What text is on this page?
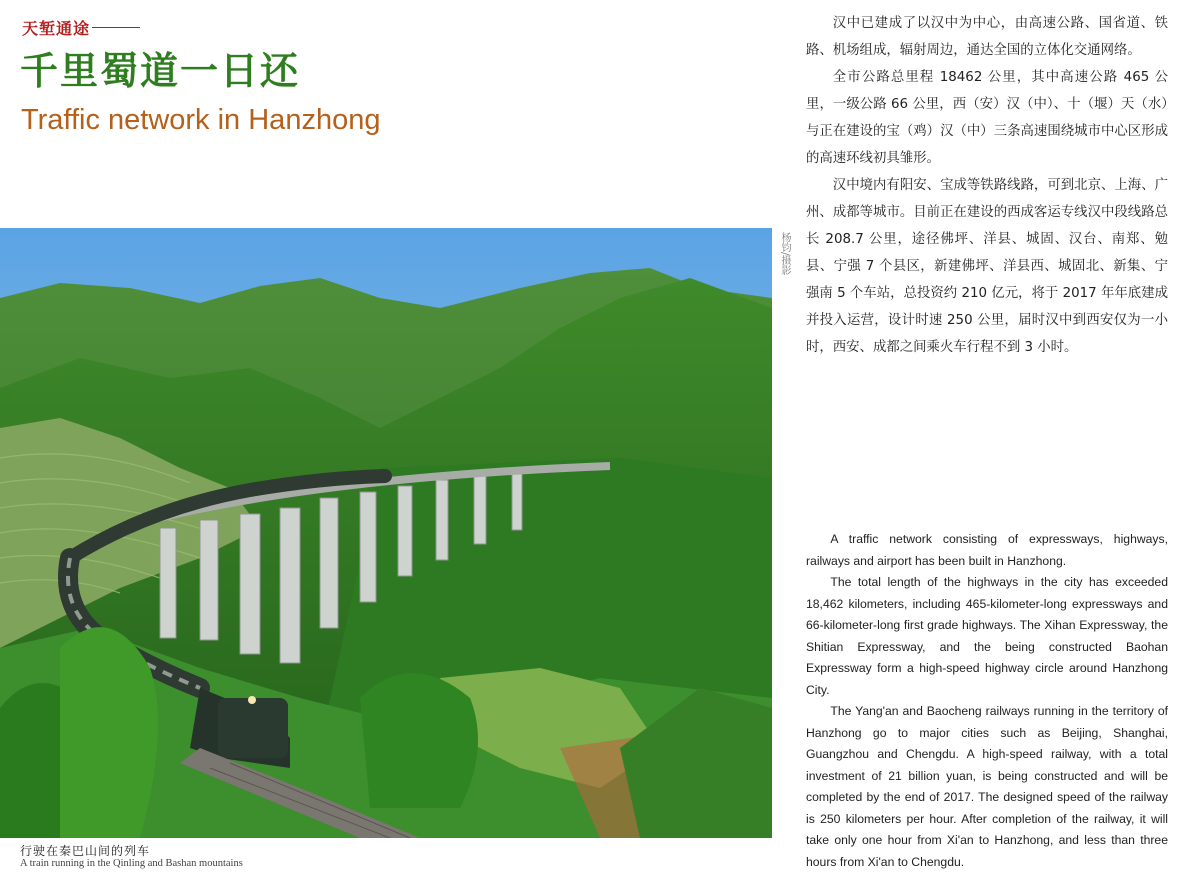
天堑通途
千里蜀道一日还
Traffic network in Hanzhong
杨钧/摄影
行驶在秦巴山间的列车
A train running in the Qinling and Bashan mountains

汉中已建成了以汉中为中心，由高速公路、国省道、铁路、机场组成，辐射周边，通达全国的立体化交通网络。

全市公路总里程 18462 公里，其中高速公路 465 公里，一级公路 66 公里，西（安）汉（中）、十（堰）天（水）与正在建设的宝（鸡）汉（中）三条高速围绕城市中心区形成的高速环线初具雏形。

汉中境内有阳安、宝成等铁路线路，可到北京、上海、广州、成都等城市。目前正在建设的西成客运专线汉中段线路总长 208.7 公里，途径佛坪、洋县、城固、汉台、南郑、勉县、宁强 7 个县区，新建佛坪、洋县西、城固北、新集、宁强南 5 个车站，总投资约 210 亿元，将于 2017 年年底建成并投入运营，设计时速 250 公里，届时汉中到西安仅为一小时，西安、成都之间乘火车行程不到 3 小时。

A traffic network consisting of expressways, highways, railways and airport has been built in Hanzhong.

The total length of the highways in the city has exceeded 18,462 kilometers, including 465-kilometer-long expressways and 66-kilometer-long first grade highways. The Xihan Expressway, the Shitian Expressway, and the being constructed Baohan Expressway form a high-speed highway circle around Hanzhong City.

The Yang'an and Baocheng railways running in the territory of Hanzhong go to major cities such as Beijing, Shanghai, Guangzhou and Chengdu. A high-speed railway, with a total investment of 21 billion yuan, is being constructed and will be completed by the end of 2017. The designed speed of the railway is 250 kilometers per hour. After completion of the railway, it will take only one hour from Xi'an to Hanzhong, and less than three hours from Xi'an to Chengdu.
